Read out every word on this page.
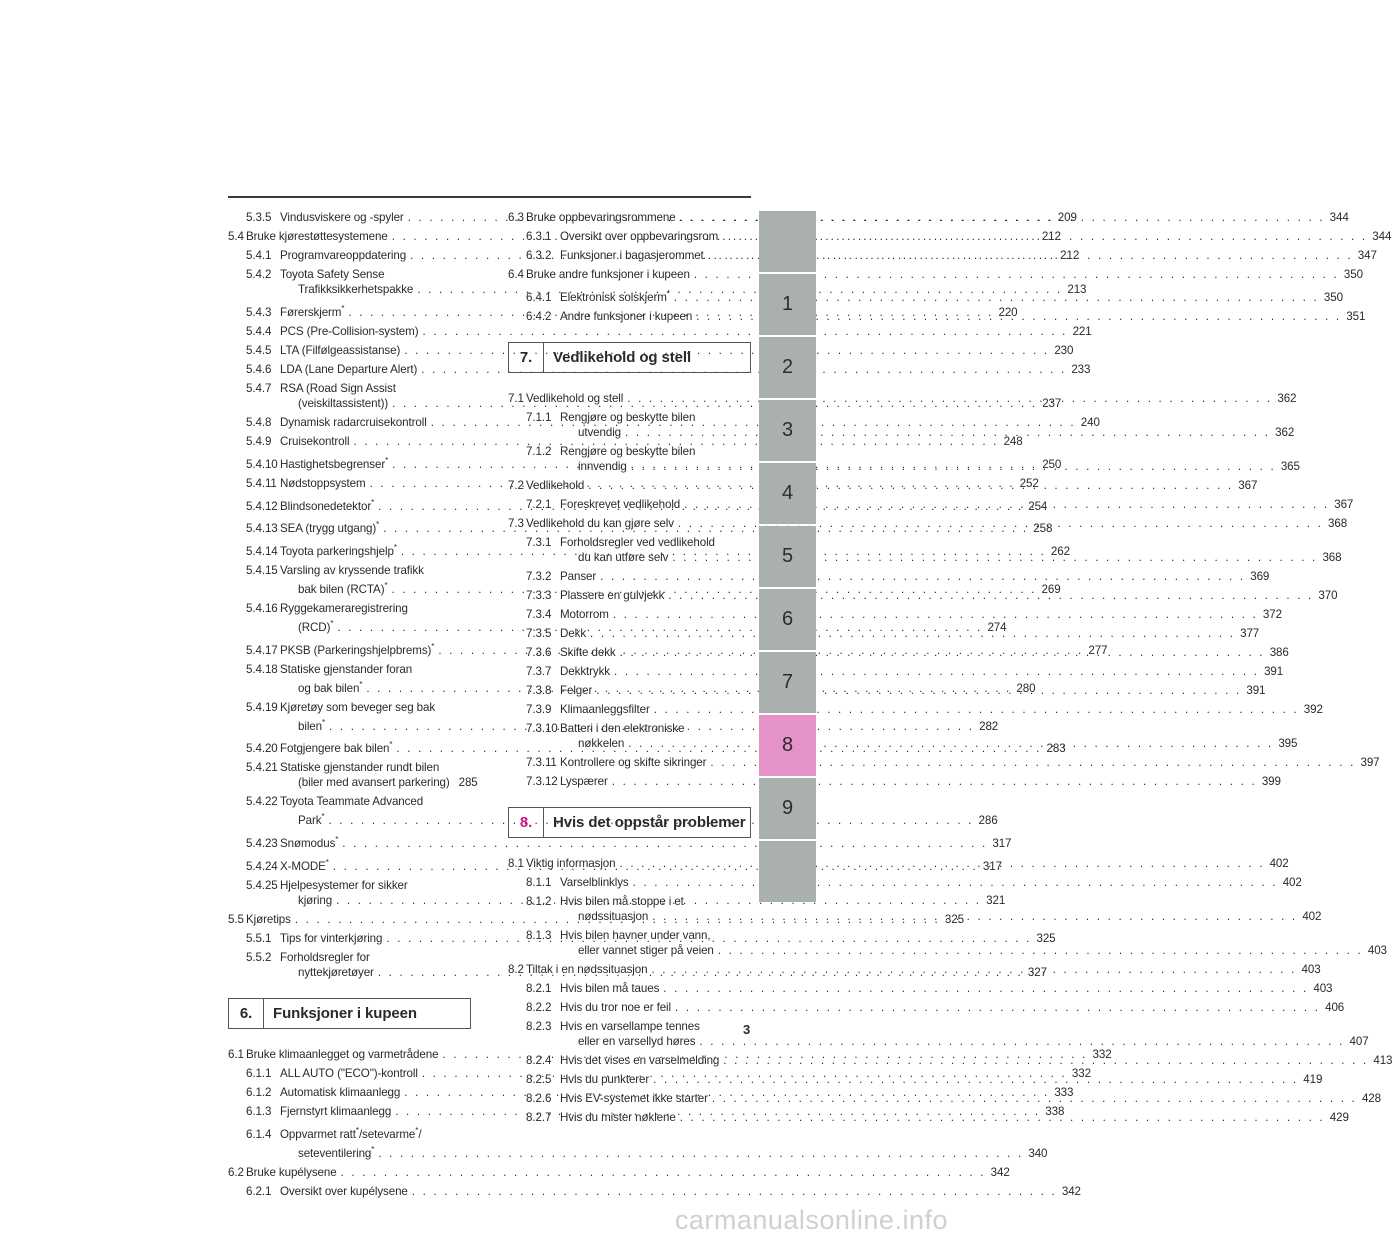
5.3.5 Vindusviskere og -spyler . . .	209
5.4 Bruke kjørestøttesystemene . . .	212
5.4.1 Programvareoppdatering . . .	212
5.4.2 Toyota Safety Sense
Trafikksikkerhetspakke . . .	213
5.4.3 Førerskjerm* . . .	220
5.4.4 PCS (Pre-Collision-system) . . .	221
5.4.5 LTA (Filfølgeassistanse) . . .	230
5.4.6 LDA (Lane Departure Alert) . . .	233
5.4.7 RSA (Road Sign Assist
(veiskiltassistent)) . . .	237
5.4.8 Dynamisk radarcruisekontroll . . .	240
5.4.9 Cruisekontroll . . .	248
5.4.10 Hastighetsbegrenser* . . .	250
5.4.11 Nødstoppsystem . . .	252
5.4.12 Blindsonedetektor* . . .	254
5.4.13 SEA (trygg utgang)* . . .	258
5.4.14 Toyota parkeringshjelp* . . .	262
5.4.15 Varsling av kryssende trafikk
bak bilen (RCTA)* . . .	269
5.4.16 Ryggekameraregistrering
(RCD)* . . .	274
5.4.17 PKSB (Parkeringshjelpbrems)* . . .	277
5.4.18 Statiske gjenstander foran
og bak bilen* . . .	280
5.4.19 Kjøretøy som beveger seg bak
bilen* . . .	282
5.4.20 Fotgjengere bak bilen* . . .	283
5.4.21 Statiske gjenstander rundt bilen
(biler med avansert parkering) 285
5.4.22 Toyota Teammate Advanced
Park* . . .	286
5.4.23 Snømodus* . . .	317
5.4.24 X-MODE* . . .	317
5.4.25 Hjelpesystemer for sikker
kjøring . . .	321
5.5 Kjøretips . . .	325
5.5.1 Tips for vinterkjøring . . .	325
5.5.2 Forholdsregler for
nyttekjøretøyer . . .	327
6.	Funksjoner i kupeen
6.1 Bruke klimaanlegget og varmetrådene . . .	332
6.1.1 ALL AUTO ("ECO")-kontroll . . .	332
6.1.2 Automatisk klimaanlegg . . .	333
6.1.3 Fjernstyrt klimaanlegg . . .	338
6.1.4 Oppvarmet ratt*/setevarme*/
seteventilering* . . .	340
6.2 Bruke kupélysene . . .	342
6.2.1 Oversikt over kupélysene . . .	342
6.3 Bruke oppbevaringsrommene . . .	344
6.3.1 Oversikt over oppbevaringsrom . . .	344
6.3.2 Funksjoner i bagasjerommet . . .	347
6.4 Bruke andre funksjoner i kupeen . . .	350
6.4.1 Elektronisk solskjerm* . . .	350
6.4.2 Andre funksjoner i kupeen . . .	351
7.	Vedlikehold og stell
7.1 Vedlikehold og stell . . .	362
7.1.1 Rengjøre og beskytte bilen
utvendig . . .	362
7.1.2 Rengjøre og beskytte bilen
innvendig . . .	365
7.2 Vedlikehold . . .	367
7.2.1 Foreskrevet vedlikehold . . .	367
7.3 Vedlikehold du kan gjøre selv . . .	368
7.3.1 Forholdsregler ved vedlikehold
du kan utføre selv . . .	368
7.3.2 Panser . . .	369
7.3.3 Plassere en gulvjekk . . .	370
7.3.4 Motorrom . . .	372
7.3.5 Dekk . . .	377
7.3.6 Skifte dekk . . .	386
7.3.7 Dekktrykk . . .	391
7.3.8 Felger . . .	391
7.3.9 Klimaanleggsfilter . . .	392
7.3.10 Batteri i den elektroniske
nøkkelen . . .	395
7.3.11 Kontrollere og skifte sikringer . . .	397
7.3.12 Lyspærer . . .	399
8.	Hvis det oppstår problemer
8.1 Viktig informasjon . . .	402
8.1.1 Varselblinklys . . .	402
8.1.2 Hvis bilen må stoppe i et
nødssituasjon . . .	402
8.1.3 Hvis bilen havner under vann,
eller vannet stiger på veien . . .	403
8.2 Tiltak i en nødssituasjon . . .	403
8.2.1 Hvis bilen må taues . . .	403
8.2.2 Hvis du tror noe er feil . . .	406
8.2.3 Hvis en varsellampe tennes
eller en varsellyd høres . . .	407
8.2.4 Hvis det vises en varselmelding . . .	413
8.2.5 Hvis du punkterer . . .	419
8.2.6 Hvis EV-systemet ikke starter . . .	428
8.2.7 Hvis du mister nøklene . . .	429
1
2
3
4
5
6
7
8
9
3
carmanualsonline.info
